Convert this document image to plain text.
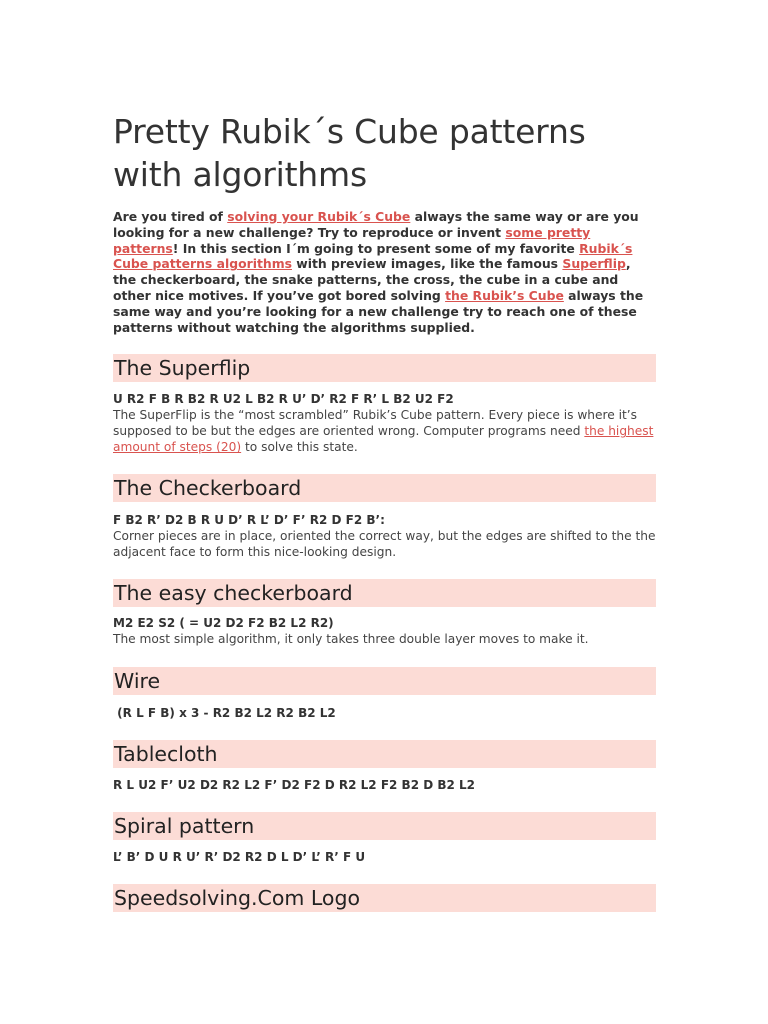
Pretty Rubik´s Cube patterns with algorithms
Are you tired of solving your Rubik´s Cube always the same way or are you looking for a new challenge? Try to reproduce or invent some pretty patterns! In this section I´m going to present some of my favorite Rubik´s Cube patterns algorithms with preview images, like the famous Superflip, the checkerboard, the snake patterns, the cross, the cube in a cube and other nice motives. If you’ve got bored solving the Rubik’s Cube always the same way and you’re looking for a new challenge try to reach one of these patterns without watching the algorithms supplied.
The Superflip
U R2 F B R B2 R U2 L B2 R U’ D’ R2 F R’ L B2 U2 F2
The SuperFlip is the “most scrambled” Rubik’s Cube pattern. Every piece is where it’s supposed to be but the edges are oriented wrong. Computer programs need the highest amount of steps (20) to solve this state.
The Checkerboard
F B2 R’ D2 B R U D’ R L’ D’ F’ R2 D F2 B’:
Corner pieces are in place, oriented the correct way, but the edges are shifted to the the adjacent face to form this nice-looking design.
The easy checkerboard
M2 E2 S2 ( = U2 D2 F2 B2 L2 R2)
The most simple algorithm, it only takes three double layer moves to make it.
Wire
(R L F B) x 3 - R2 B2 L2 R2 B2 L2
Tablecloth
R L U2 F’ U2 D2 R2 L2 F’ D2 F2 D R2 L2 F2 B2 D B2 L2
Spiral pattern
L’ B’ D U R U’ R’ D2 R2 D L D’ L’ R’ F U
Speedsolving.Com Logo
